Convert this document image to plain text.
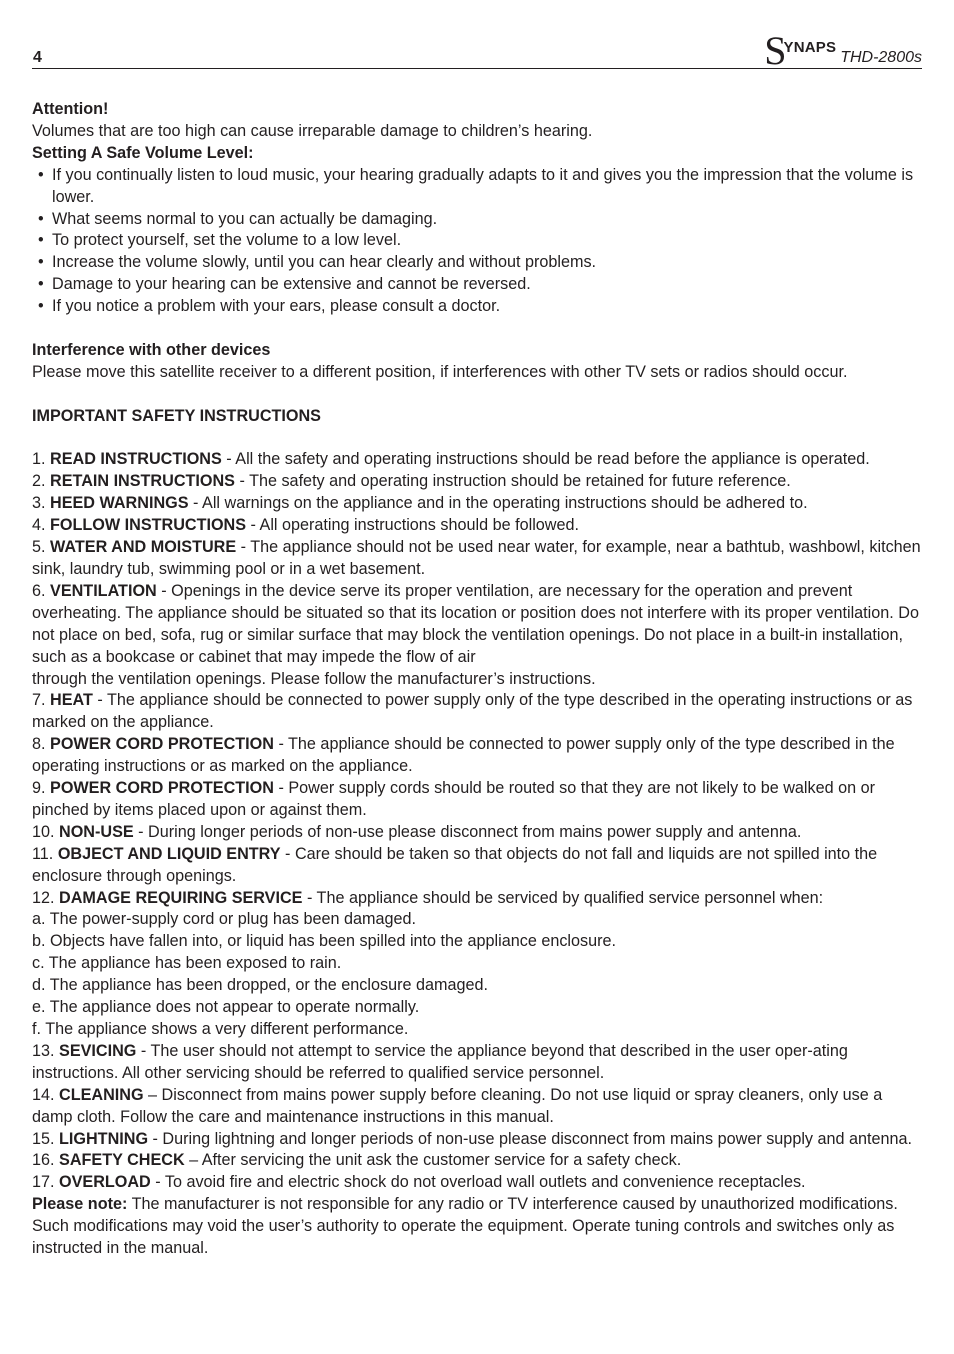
4	S
YNAPS
THD-2800s

Attention!

Volumes that are too high can cause irreparable damage to children’s hearing.

Setting A Safe Volume Level:

• If you continually listen to loud music, your hearing gradually adapts to it and gives you the impression that the volume is lower.
• What seems normal to you can actually be damaging.
• To protect yourself, set the volume to a low level.
• Increase the volume slowly, until you can hear clearly and without problems.
• Damage to your hearing can be extensive and cannot be reversed.
• If you notice a problem with your ears, please consult a doctor.

Interference with other devices

Please move this satellite receiver to a different position, if interferences with other TV sets or radios should occur.

IMPORTANT SAFETY INSTRUCTIONS

1. READ INSTRUCTIONS - All the safety and operating instructions should be read before the appliance is operated.

2. RETAIN INSTRUCTIONS - The safety and operating instruction should be retained for future reference.

3. HEED WARNINGS - All warnings on the appliance and in the operating instructions should be adhered to.

4. FOLLOW INSTRUCTIONS - All operating instructions should be followed.

5. WATER AND MOISTURE - The appliance should not be used near water, for example, near a bathtub, washbowl, kitchen sink, laundry tub, swimming pool or in a wet basement.

6. VENTILATION - Openings in the device serve its proper ventilation, are necessary for the operation and prevent overheating. The appliance should be situated so that its location or position does not interfere with its proper ventilation. Do not place on bed, sofa, rug or similar surface that may block the ventilation openings. Do not place in a built-in installation, such as a bookcase or cabinet that may impede the flow of air
through the ventilation openings. Please follow the manufacturer’s instructions.

7. HEAT - The appliance should be connected to power supply only of the type described in the operating instructions or as marked on the appliance.

8. POWER CORD PROTECTION - The appliance should be connected to power supply only of the type described in the operating instructions or as marked on the appliance.

9. POWER CORD PROTECTION - Power supply cords should be routed so that they are not likely to be walked on or pinched by items placed upon or against them.

10. NON-USE - During longer periods of non-use please disconnect from mains power supply and antenna.

11. OBJECT AND LIQUID ENTRY - Care should be taken so that objects do not fall and liquids are not spilled into the enclosure through openings.

12. DAMAGE REQUIRING SERVICE - The appliance should be serviced by qualified service personnel when:

a. The power-supply cord or plug has been damaged.

b. Objects have fallen into, or liquid has been spilled into the appliance enclosure.

c. The appliance has been exposed to rain.

d. The appliance has been dropped, or the enclosure damaged.

e. The appliance does not appear to operate normally.

f. The appliance shows a very different performance.

13. SEVICING - The user should not attempt to service the appliance beyond that described in the user oper-ating instructions. All other servicing should be referred to qualified service personnel.

14. CLEANING – Disconnect from mains power supply before cleaning. Do not use liquid or spray cleaners, only use a damp cloth. Follow the care and maintenance instructions in this manual.

15. LIGHTNING - During lightning and longer periods of non-use please disconnect from mains power supply and antenna.

16. SAFETY CHECK – After servicing the unit ask the customer service for a safety check.

17. OVERLOAD - To avoid fire and electric shock do not overload wall outlets and convenience receptacles.

Please note: The manufacturer is not responsible for any radio or TV interference caused by unauthorized modifications. Such modifications may void the user’s authority to operate the equipment. Operate tuning controls and switches only as instructed in the manual.
